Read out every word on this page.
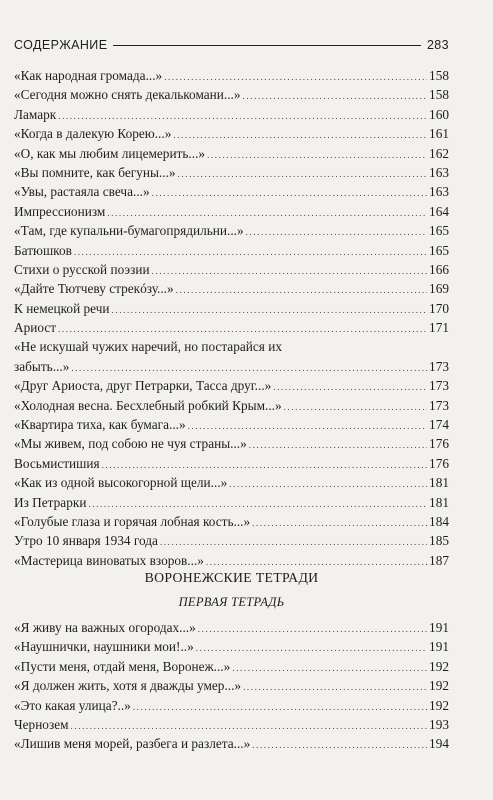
СОДЕРЖАНИЕ	283
«Как народная громада...» .....	158
«Сегодня можно снять декалькомани...» .....	158
Ламарк .....	160
«Когда в далекую Корею...» .....	161
«О, как мы любим лицемерить...» .....	162
«Вы помните, как бегуны...» .....	163
«Увы, растаяла свеча...» .....	163
Импрессионизм .....	164
«Там, где купальни-бумагопрядильни...» .....	165
Батюшков .....	165
Стихи о русской поэзии .....	166
«Дайте Тютчеву стрекóзу...» .....	169
К немецкой речи .....	170
Ариост .....	171
«Не искушай чужих наречий, но постарайся их
забыть...» .....	173
«Друг Ариоста, друг Петрарки, Тасса друг...» .....	173
«Холодная весна. Бесхлебный робкий Крым...» .....	173
«Квартира тиха, как бумага...» .....	174
«Мы живем, под собою не чуя страны...» .....	176
Восьмистишия .....	176
«Как из одной высокогорной щели...» .....	181
Из Петрарки .....	181
«Голубые глаза и горячая лобная кость...» .....	184
Утро 10 января 1934 года .....	185
«Мастерица виноватых взоров...» .....	187
ВОРОНЕЖСКИЕ ТЕТРАДИ
ПЕРВАЯ ТЕТРАДЬ
«Я живу на важных огородах...» .....	191
«Наушнички, наушники мои!..» .....	191
«Пусти меня, отдай меня, Воронеж...» .....	192
«Я должен жить, хотя я дважды умер...» .....	192
«Это какая улица?..» .....	192
Чернозем .....	193
«Лишив меня морей, разбега и разлета...» .....	194
